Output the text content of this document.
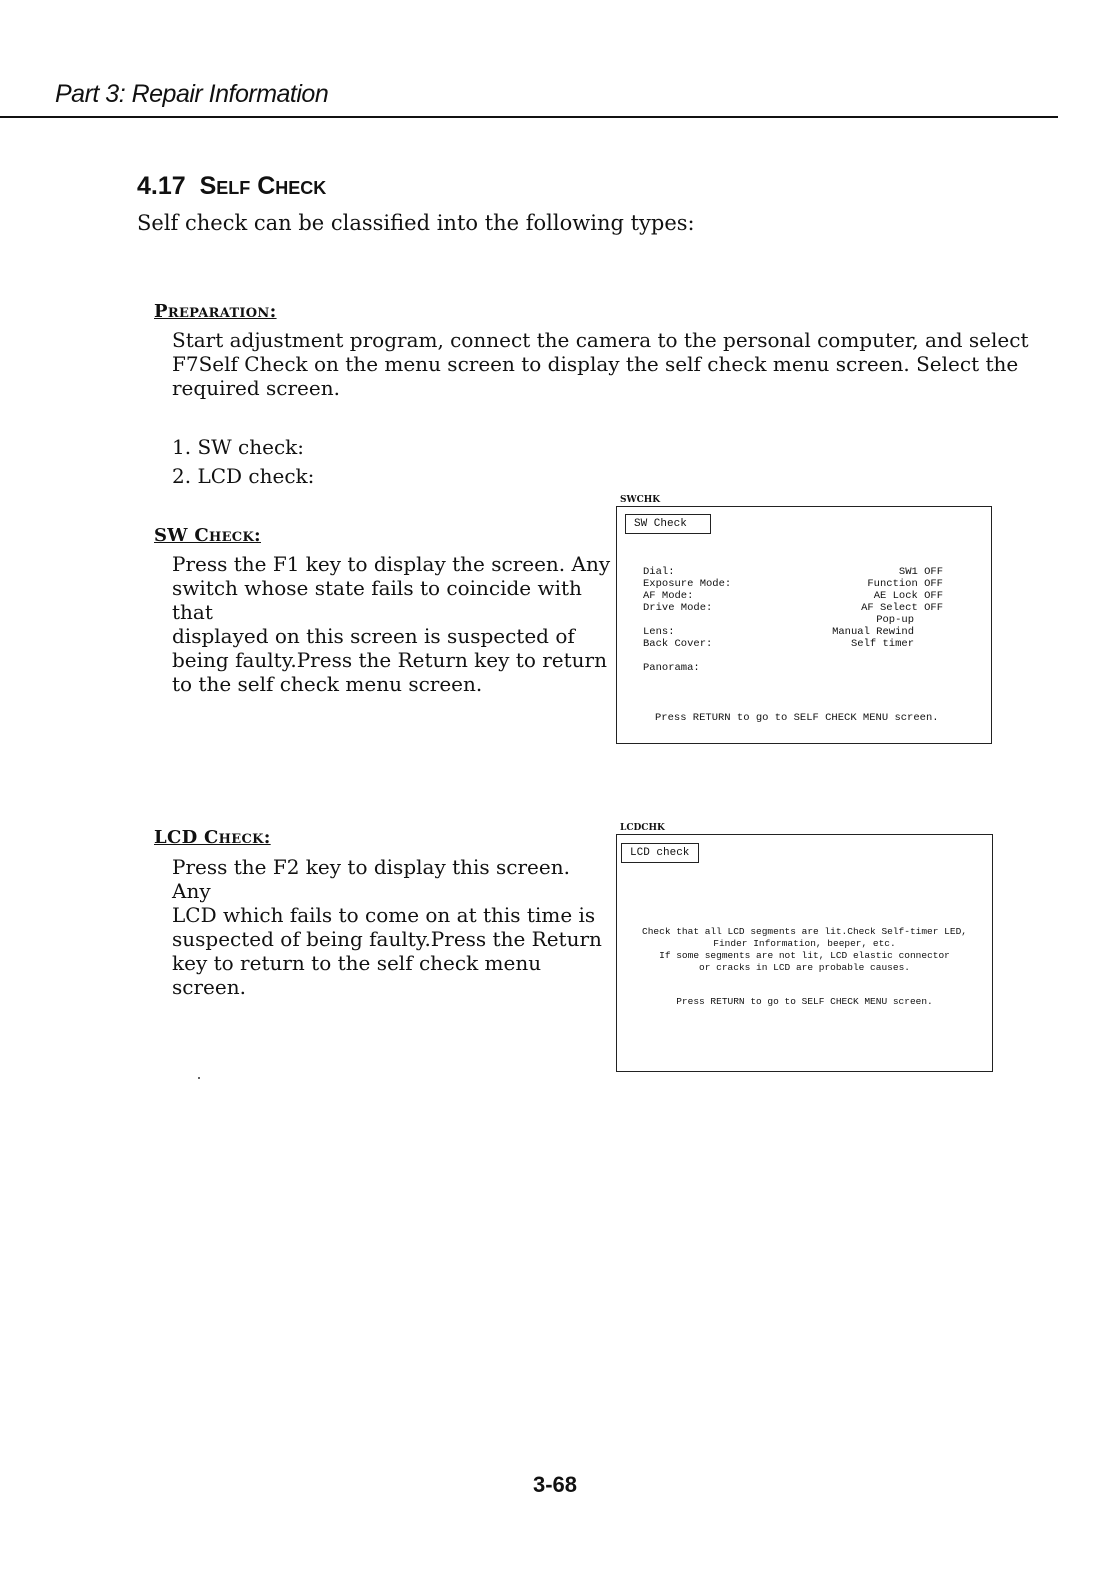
Part 3: Repair Information
4.17 Self Check
Self check can be classified into the following types:
Preparation:
Start adjustment program, connect the camera to the personal computer, and select
F7Self Check on the menu screen to display the self check menu screen. Select the
required screen.
1. SW check:
2. LCD check:
SW Check:
Press the F1 key to display the screen. Any
switch whose state fails to coincide with that
displayed on this screen is suspected of
being faulty.Press the Return key to return
to the self check menu screen.
SWCHK
SW Check
Dial:
Exposure Mode:
AF Mode:
Drive Mode:

Lens:
Back Cover:

Panorama:
SW1 OFF
Function OFF
AE Lock OFF
AF Select OFF
Pop-up
Manual Rewind
Self timer
Press RETURN to go to SELF CHECK MENU screen.
LCD Check:
Press the F2 key to display this screen. Any
LCD which fails to come on at this time is
suspected of being faulty.Press the Return
key to return to the self check menu screen.
LCDCHK
LCD check
Check that all LCD segments are lit.Check Self-timer LED,
Finder Information, beeper, etc.
If some segments are not lit, LCD elastic connector
or cracks in LCD are probable causes.
Press RETURN to go to SELF CHECK MENU screen.
3-68
